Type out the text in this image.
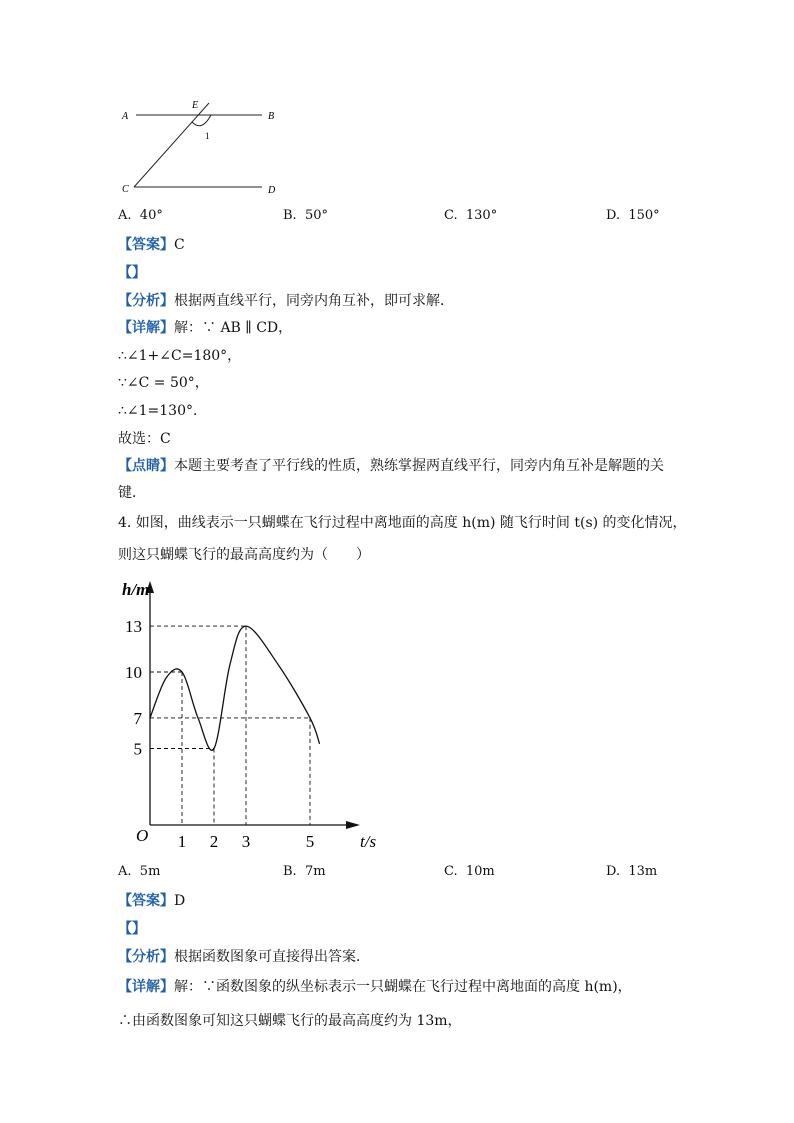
A
E
B
C	D
1
A. 40°	B. 50°	C. 130°	D. 150°
【答案】C
【】
【分析】根据两直线平行，同旁内角互补，即可求解．
【详解】解：∵ AB ∥ CD，
∴∠1+∠C=180°，
∵∠C = 50°，
∴∠1=130°．
故选：C
【点睛】本题主要考查了平行线的性质，熟练掌握两直线平行，同旁内角互补是解题的关
键．
4. 如图，曲线表示一只蝴蝶在飞行过程中离地面的高度 h(m) 随飞行时间 t(s) 的变化情况，
则这只蝴蝶飞行的最高高度约为（　　）
5
7
10
13
1 2 3	5
h/m
t/s
O
A. 5m	B. 7m	C. 10m	D. 13m
【答案】D
【】
【分析】根据函数图象可直接得出答案．
【详解】解：∵函数图象的纵坐标表示一只蝴蝶在飞行过程中离地面的高度 h(m)，
∴由函数图象可知这只蝴蝶飞行的最高高度约为 13m，
